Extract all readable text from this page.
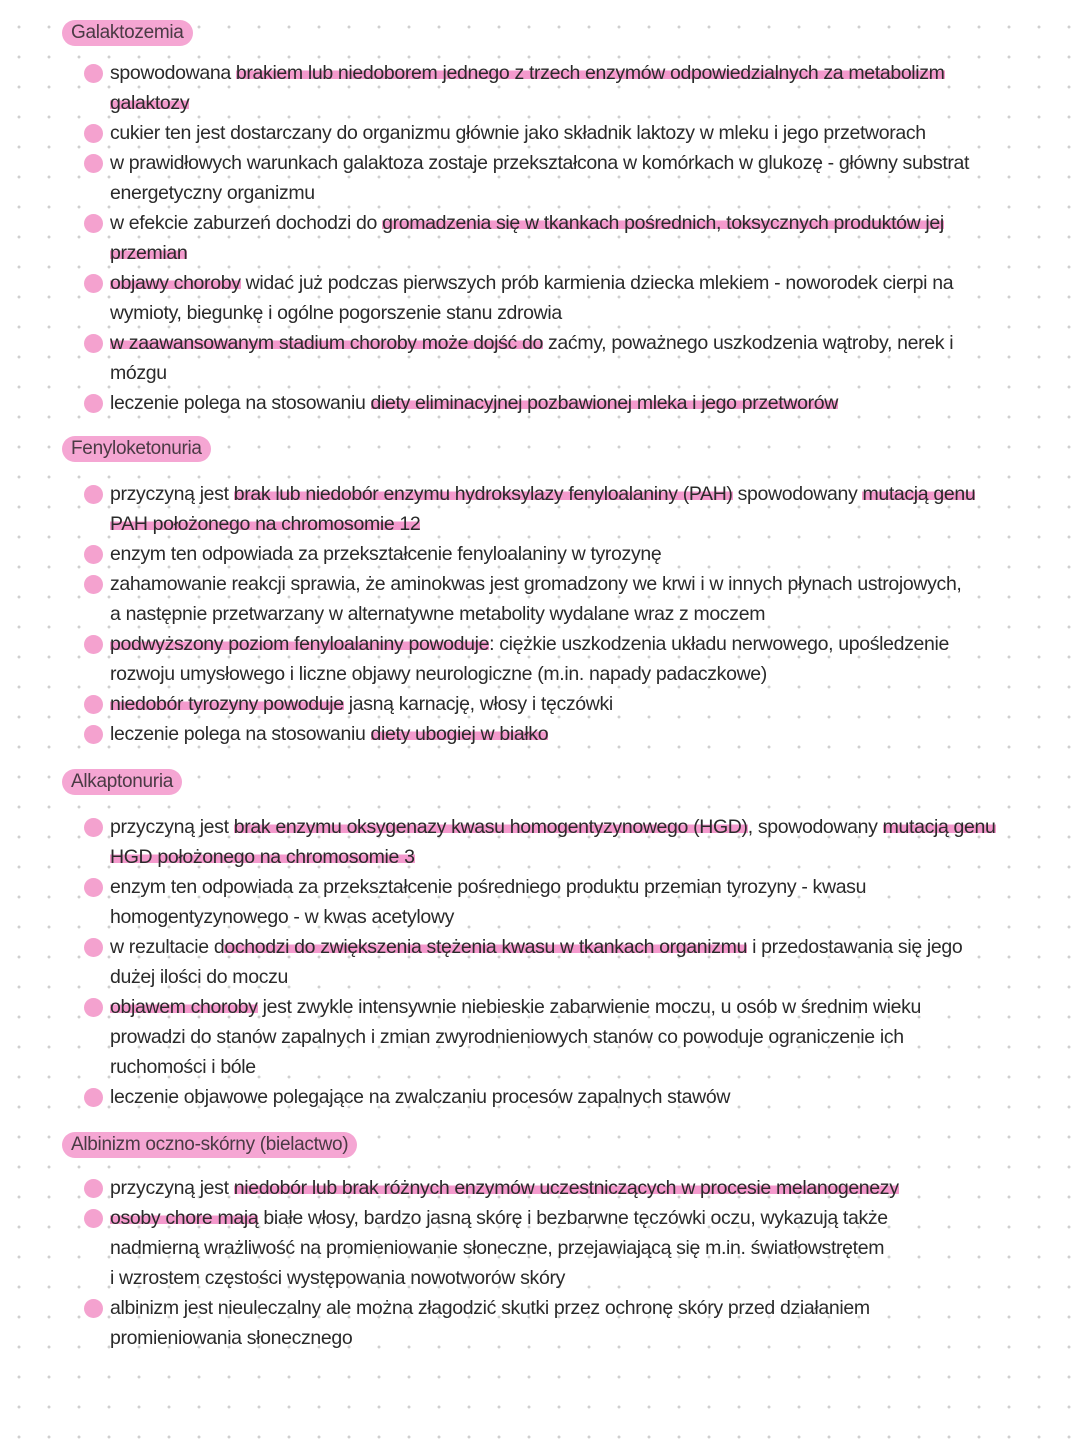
Galaktozemia
spowodowana brakiem lub niedoborem jednego z trzech enzymów odpowiedzialnych za metabolizm
galaktozy
cukier ten jest dostarczany do organizmu głównie jako składnik laktozy w mleku i jego przetworach
w prawidłowych warunkach galaktoza zostaje przekształcona w komórkach w glukozę - główny substrat
energetyczny organizmu
w efekcie zaburzeń dochodzi do gromadzenia się w tkankach pośrednich, toksycznych produktów jej
przemian
objawy choroby widać już podczas pierwszych prób karmienia dziecka mlekiem - noworodek cierpi na
wymioty, biegunkę i ogólne pogorszenie stanu zdrowia
w zaawansowanym stadium choroby może dojść do zaćmy, poważnego uszkodzenia wątroby, nerek i
mózgu
leczenie polega na stosowaniu diety eliminacyjnej pozbawionej mleka i jego przetworów
Fenyloketonuria
przyczyną jest brak lub niedobór enzymu hydroksylazy fenyloalaniny (PAH) spowodowany mutacją genu
PAH położonego na chromosomie 12
enzym ten odpowiada za przekształcenie fenyloalaniny w tyrozynę
zahamowanie reakcji sprawia, że aminokwas jest gromadzony we krwi i w innych płynach ustrojowych,
a następnie przetwarzany w alternatywne metabolity wydalane wraz z moczem
podwyższony poziom fenyloalaniny powoduje: ciężkie uszkodzenia układu nerwowego, upośledzenie
rozwoju umysłowego i liczne objawy neurologiczne (m.in. napady padaczkowe)
niedobór tyrozyny powoduje jasną karnację, włosy i tęczówki
leczenie polega na stosowaniu diety ubogiej w białko
Alkaptonuria
przyczyną jest brak enzymu oksygenazy kwasu homogentyzynowego (HGD), spowodowany mutacją genu
HGD położonego na chromosomie 3
enzym ten odpowiada za przekształcenie pośredniego produktu przemian tyrozyny - kwasu
homogentyzynowego - w kwas acetylowy
w rezultacie dochodzi do zwiększenia stężenia kwasu w tkankach organizmu i przedostawania się jego
dużej ilości do moczu
objawem choroby jest zwykle intensywnie niebieskie zabarwienie moczu, u osób w średnim wieku
prowadzi do stanów zapalnych i zmian zwyrodnieniowych stanów co powoduje ograniczenie ich
ruchomości i bóle
leczenie objawowe polegające na zwalczaniu procesów zapalnych stawów
Albinizm oczno-skórny (bielactwo)
przyczyną jest niedobór lub brak różnych enzymów uczestniczących w procesie melanogenezy
osoby chore mają białe włosy, bardzo jasną skórę i bezbarwne tęczówki oczu, wykazują także
nadmierną wrażliwość na promieniowanie słoneczne, przejawiającą się m.in. światłowstrętem
i wzrostem częstości występowania nowotworów skóry
albinizm jest nieuleczalny ale można złagodzić skutki przez ochronę skóry przed działaniem
promieniowania słonecznego
